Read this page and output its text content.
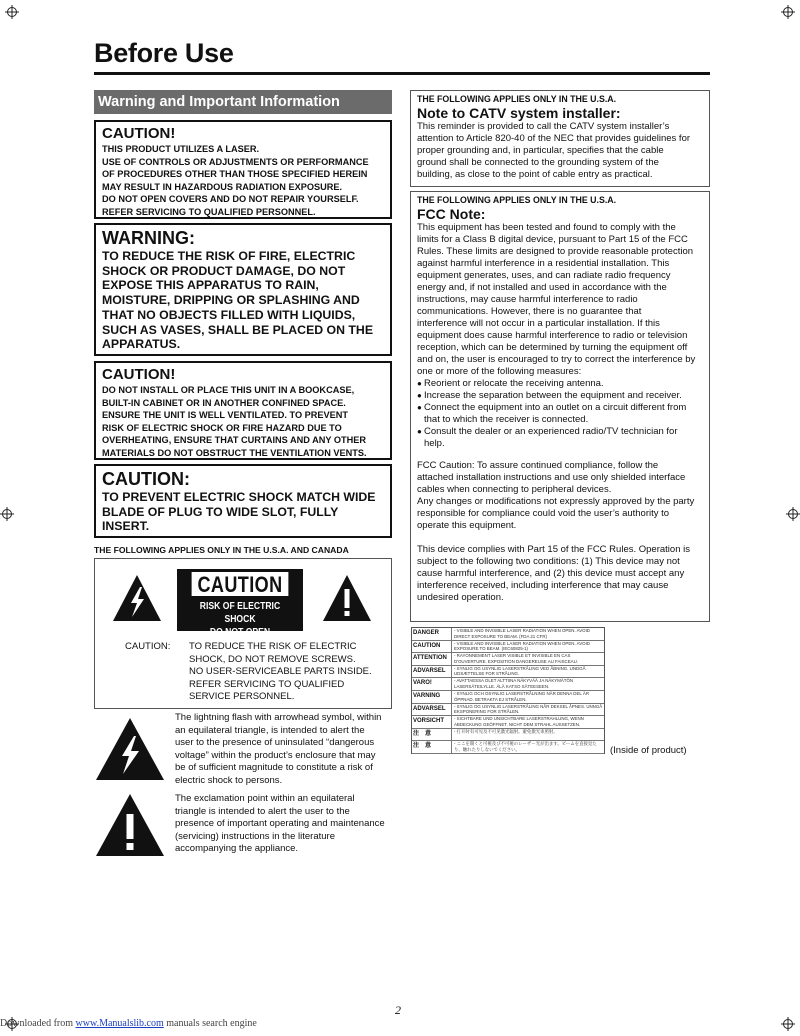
Before Use
Warning and Important Information
CAUTION!
THIS PRODUCT UTILIZES A LASER.
USE OF CONTROLS OR ADJUSTMENTS OR PERFORMANCE
OF PROCEDURES OTHER THAN THOSE SPECIFIED HEREIN
MAY RESULT IN HAZARDOUS RADIATION EXPOSURE.
DO NOT OPEN COVERS AND DO NOT REPAIR YOURSELF.
REFER SERVICING TO QUALIFIED PERSONNEL.
WARNING:
TO REDUCE THE RISK OF FIRE, ELECTRIC
SHOCK OR PRODUCT DAMAGE, DO NOT
EXPOSE THIS APPARATUS TO RAIN,
MOISTURE, DRIPPING OR SPLASHING AND
THAT NO OBJECTS FILLED WITH LIQUIDS,
SUCH AS VASES, SHALL BE PLACED ON THE
APPARATUS.
CAUTION!
DO NOT INSTALL OR PLACE THIS UNIT IN A BOOKCASE,
BUILT-IN CABINET OR IN ANOTHER CONFINED SPACE.
ENSURE THE UNIT IS WELL VENTILATED. TO PREVENT
RISK OF ELECTRIC SHOCK OR FIRE HAZARD DUE TO
OVERHEATING, ENSURE THAT CURTAINS AND ANY OTHER
MATERIALS DO NOT OBSTRUCT THE VENTILATION VENTS.
CAUTION:
TO PREVENT ELECTRIC SHOCK MATCH WIDE
BLADE OF PLUG TO WIDE SLOT, FULLY
INSERT.
THE FOLLOWING APPLIES ONLY IN THE U.S.A. AND CANADA
CAUTION
RISK OF ELECTRIC SHOCK
DO NOT OPEN
CAUTION: TO REDUCE THE RISK OF ELECTRIC
SHOCK, DO NOT REMOVE SCREWS.
NO USER-SERVICEABLE PARTS INSIDE.
REFER SERVICING TO QUALIFIED
SERVICE PERSONNEL.
The lightning flash with arrowhead symbol, within
an equilateral triangle, is intended to alert the
user to the presence of uninsulated “dangerous
voltage” within the product’s enclosure that may
be of sufficient magnitude to constitute a risk of
electric shock to persons.
The exclamation point within an equilateral
triangle is intended to alert the user to the
presence of important operating and maintenance
(servicing) instructions in the literature
accompanying the appliance.
THE FOLLOWING APPLIES ONLY IN THE U.S.A.
Note to CATV system installer:

This reminder is provided to call the CATV system installer’s

attention to Article 820-40 of the NEC that provides guidelines for

proper grounding and, in particular, specifies that the cable

ground shall be connected to the grounding system of the

building, as close to the point of cable entry as practical.

THE FOLLOWING APPLIES ONLY IN THE U.S.A.
FCC Note:

This equipment has been tested and found to comply with the

limits for a Class B digital device, pursuant to Part 15 of the FCC

Rules. These limits are designed to provide reasonable protection

against harmful interference in a residential installation. This

equipment generates, uses, and can radiate radio frequency

energy and, if not installed and used in accordance with the

instructions, may cause harmful interference to radio

communications. However, there is no guarantee that

interference will not occur in a particular installation. If this

equipment does cause harmful interference to radio or television

reception, which can be determined by turning the equipment off

and on, the user is encouraged to try to correct the interference by

one or more of the following measures:

● Reorient or relocate the receiving antenna.
● Increase the separation between the equipment and receiver.
● Connect the equipment into an outlet on a circuit different from
that to which the receiver is connected.
● Consult the dealer or an experienced radio/TV technician for
help.

FCC Caution: To assure continued compliance, follow the

attached installation instructions and use only shielded interface

cables when connecting to peripheral devices.

Any changes or modifications not expressly approved by the party

responsible for compliance could void the user’s authority to

operate this equipment.

This device complies with Part 15 of the FCC Rules. Operation is

subject to the following two conditions: (1) This device may not

cause harmful interference, and (2) this device must accept any

interference received, including interference that may cause

undesired operation.

DANGER	- VISIBLE AND INVISIBLE LASER RADIATION WHEN OPEN. AVOID DIRECT EXPOSURE TO BEAM. (FDA 21 CFR)
CAUTION	- VISIBLE AND INVISIBLE LASER RADIATION WHEN OPEN. AVOID EXPOSURE TO BEAM. (IEC60825-1)
ATTENTION	- RAYONNEMENT LASER VISIBLE ET INVISIBLE EN CAS D'OUVERTURE. EXPOSITION DANGEREUSE AU FAISCEAU.
ADVARSEL	- SYNLIG OG USYNLIG LASERSTRÅLING VED ÅBNING. UNDGÅ UDSÆTTELSE FOR STRÅLING.
VARO!	- AVATTAESSA OLET ALTTIINA NÄKYVÄÄ JA NÄKYMÄTÖN LASERSÄTEILYLLE. ÄLÄ KATSO SÄTEESEEN.
VARNING	- SYNLIG OCH OSYNLIG LASERSTRÅLNING NÄR DENNA DEL ÄR ÖPPNAD. BETRAKTA EJ STRÅLEN.
ADVARSEL	- SYNLIG OG USYNLIG LASERSTRÅLING NÅR DEKSEL ÅPNES. UNNGÅ EKSPONERING FOR STRÅLEN.
VORSICHT	- SICHTBARE UND UNSICHTBARE LASERSTRAHLUNG, WENN ABDECKUNG GEÖFFNET. NICHT DEM STRAHL AUSSETZEN.
注　意	- 打开时有可见及不可见激光辐射。避免激光束照射。
注　意	- ここを開くと可視及び不可視のレーザー光が出ます。ビームを直接見たり、触れたりしないでください。	(Inside of product)
2
Downloaded from www.Manualslib.com manuals search engine
